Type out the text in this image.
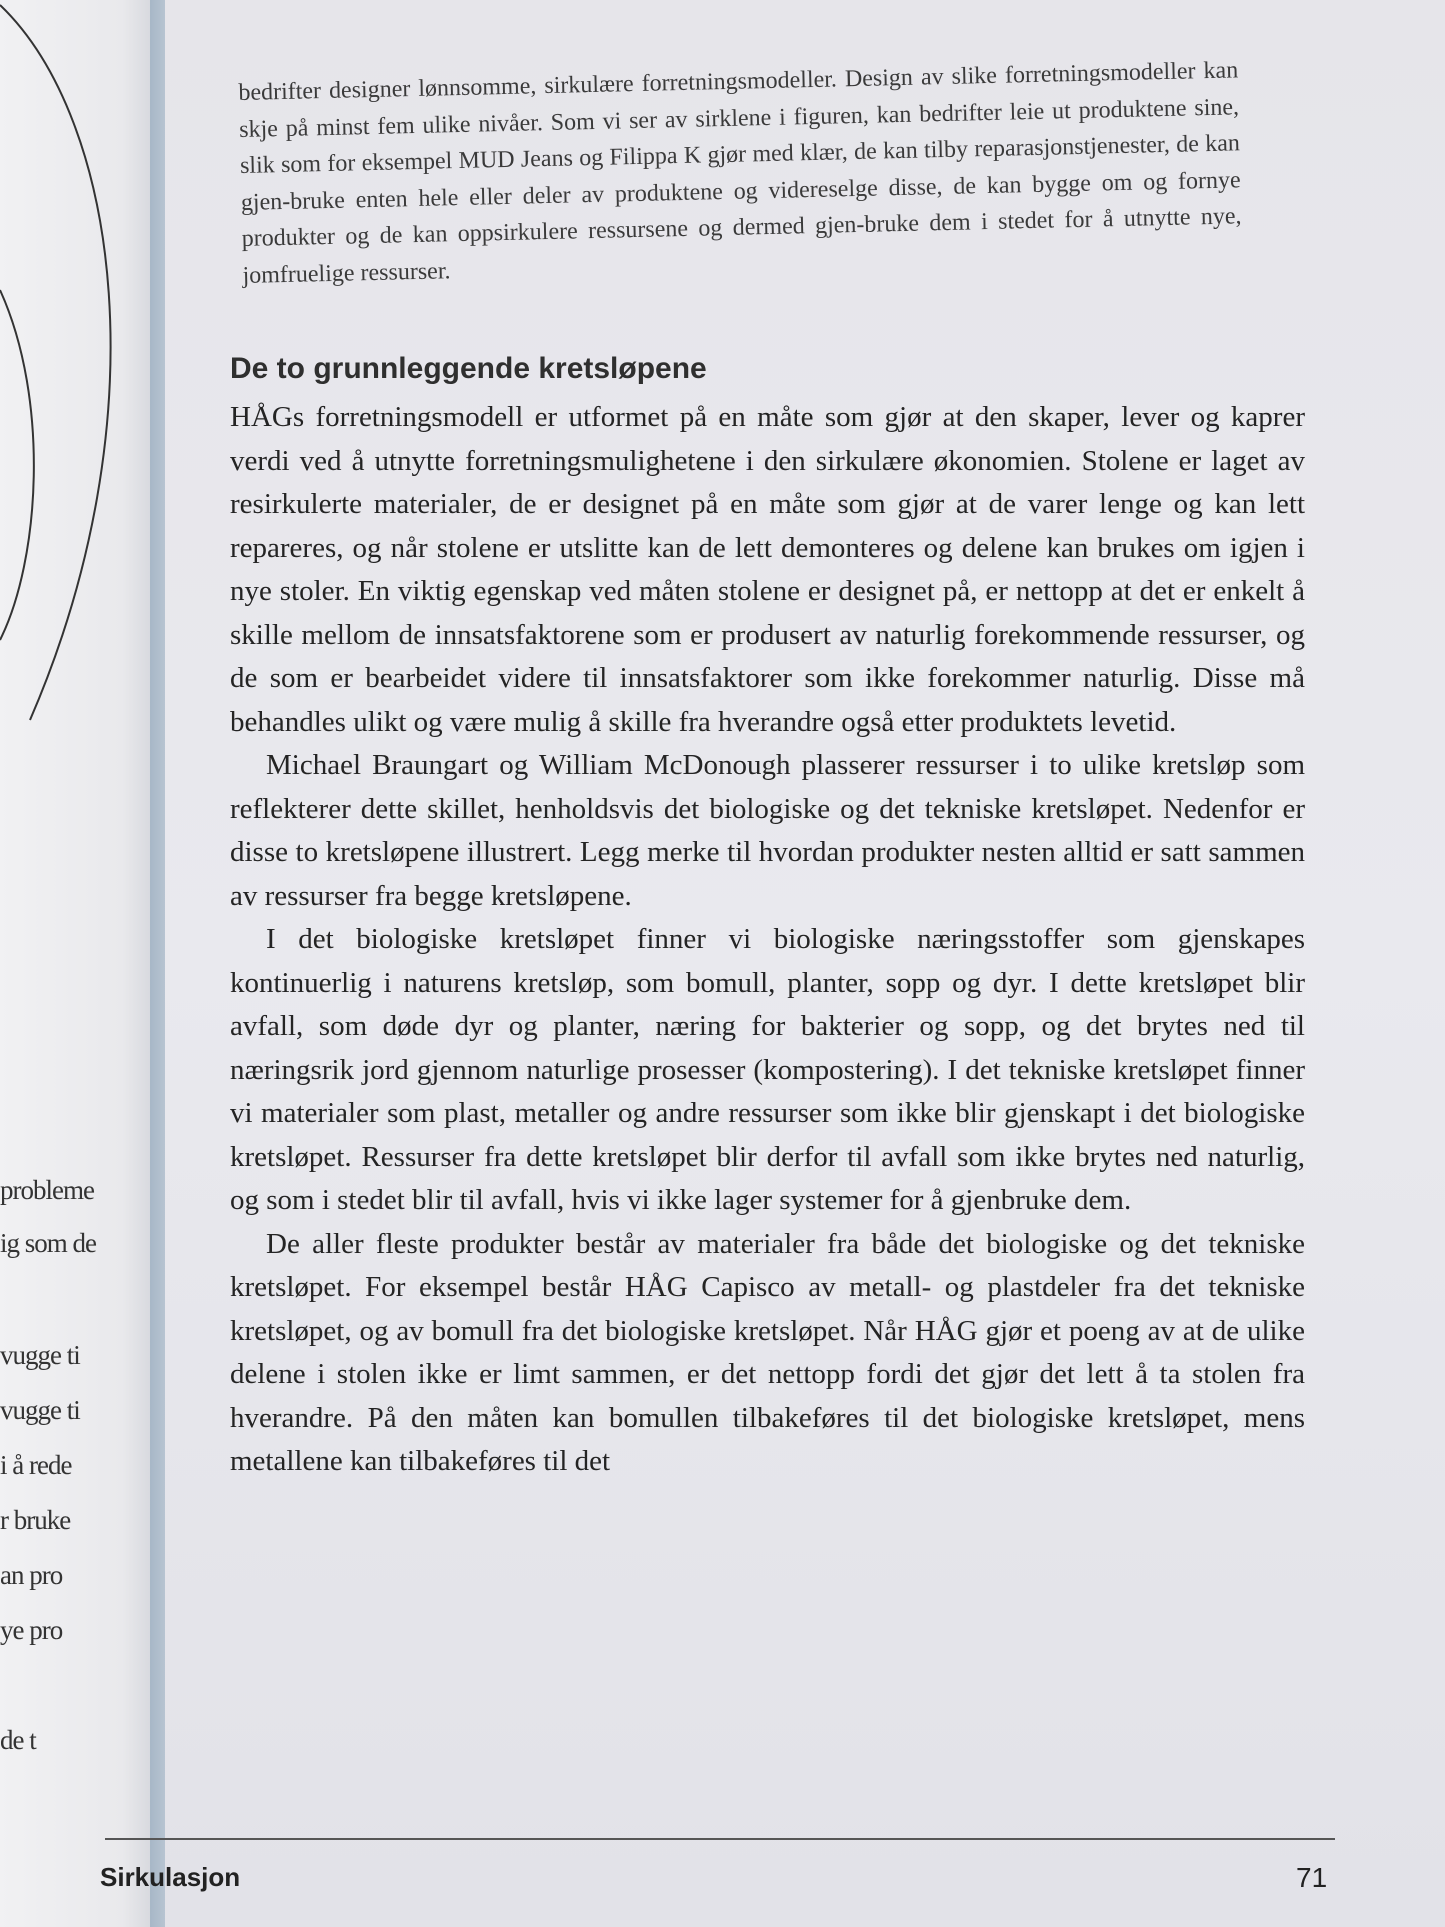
probleme
ig som de
vugge ti
vugge ti
i å rede
r bruke
an pro
ye pro
de t

bedrifter designer lønnsomme, sirkulære forretningsmodeller. Design av slike forretningsmodeller kan skje på minst fem ulike nivåer. Som vi ser av sirklene i figuren, kan bedrifter leie ut produktene sine, slik som for eksempel MUD Jeans og Filippa K gjør med klær, de kan tilby reparasjonstjenester, de kan gjen-bruke enten hele eller deler av produktene og videreselge disse, de kan bygge om og fornye produkter og de kan oppsirkulere ressursene og dermed gjen-bruke dem i stedet for å utnytte nye, jomfruelige ressurser.

De to grunnleggende kretsløpene

HÅGs forretningsmodell er utformet på en måte som gjør at den skaper, lever og kaprer verdi ved å utnytte forretningsmulighetene i den sirkulære økonomien. Stolene er laget av resirkulerte materialer, de er designet på en måte som gjør at de varer lenge og kan lett repareres, og når stolene er utslitte kan de lett demonteres og delene kan brukes om igjen i nye stoler. En viktig egenskap ved måten stolene er designet på, er nettopp at det er enkelt å skille mellom de innsatsfaktorene som er produsert av naturlig forekommende ressurser, og de som er bearbeidet videre til innsatsfaktorer som ikke forekommer naturlig. Disse må behandles ulikt og være mulig å skille fra hverandre også etter produktets levetid.

Michael Braungart og William McDonough plasserer ressurser i to ulike kretsløp som reflekterer dette skillet, henholdsvis det biologiske og det tekniske kretsløpet. Nedenfor er disse to kretsløpene illustrert. Legg merke til hvordan produkter nesten alltid er satt sammen av ressurser fra begge kretsløpene.

I det biologiske kretsløpet finner vi biologiske næringsstoffer som gjenskapes kontinuerlig i naturens kretsløp, som bomull, planter, sopp og dyr. I dette kretsløpet blir avfall, som døde dyr og planter, næring for bakterier og sopp, og det brytes ned til næringsrik jord gjennom naturlige prosesser (kompostering). I det tekniske kretsløpet finner vi materialer som plast, metaller og andre ressurser som ikke blir gjenskapt i det biologiske kretsløpet. Ressurser fra dette kretsløpet blir derfor til avfall som ikke brytes ned naturlig, og som i stedet blir til avfall, hvis vi ikke lager systemer for å gjenbruke dem.

De aller fleste produkter består av materialer fra både det biologiske og det tekniske kretsløpet. For eksempel består HÅG Capisco av metall- og plastdeler fra det tekniske kretsløpet, og av bomull fra det biologiske kretsløpet. Når HÅG gjør et poeng av at de ulike delene i stolen ikke er limt sammen, er det nettopp fordi det gjør det lett å ta stolen fra hverandre. På den måten kan bomullen tilbakeføres til det biologiske kretsløpet, mens metallene kan tilbakeføres til det

Sirkulasjon	71
